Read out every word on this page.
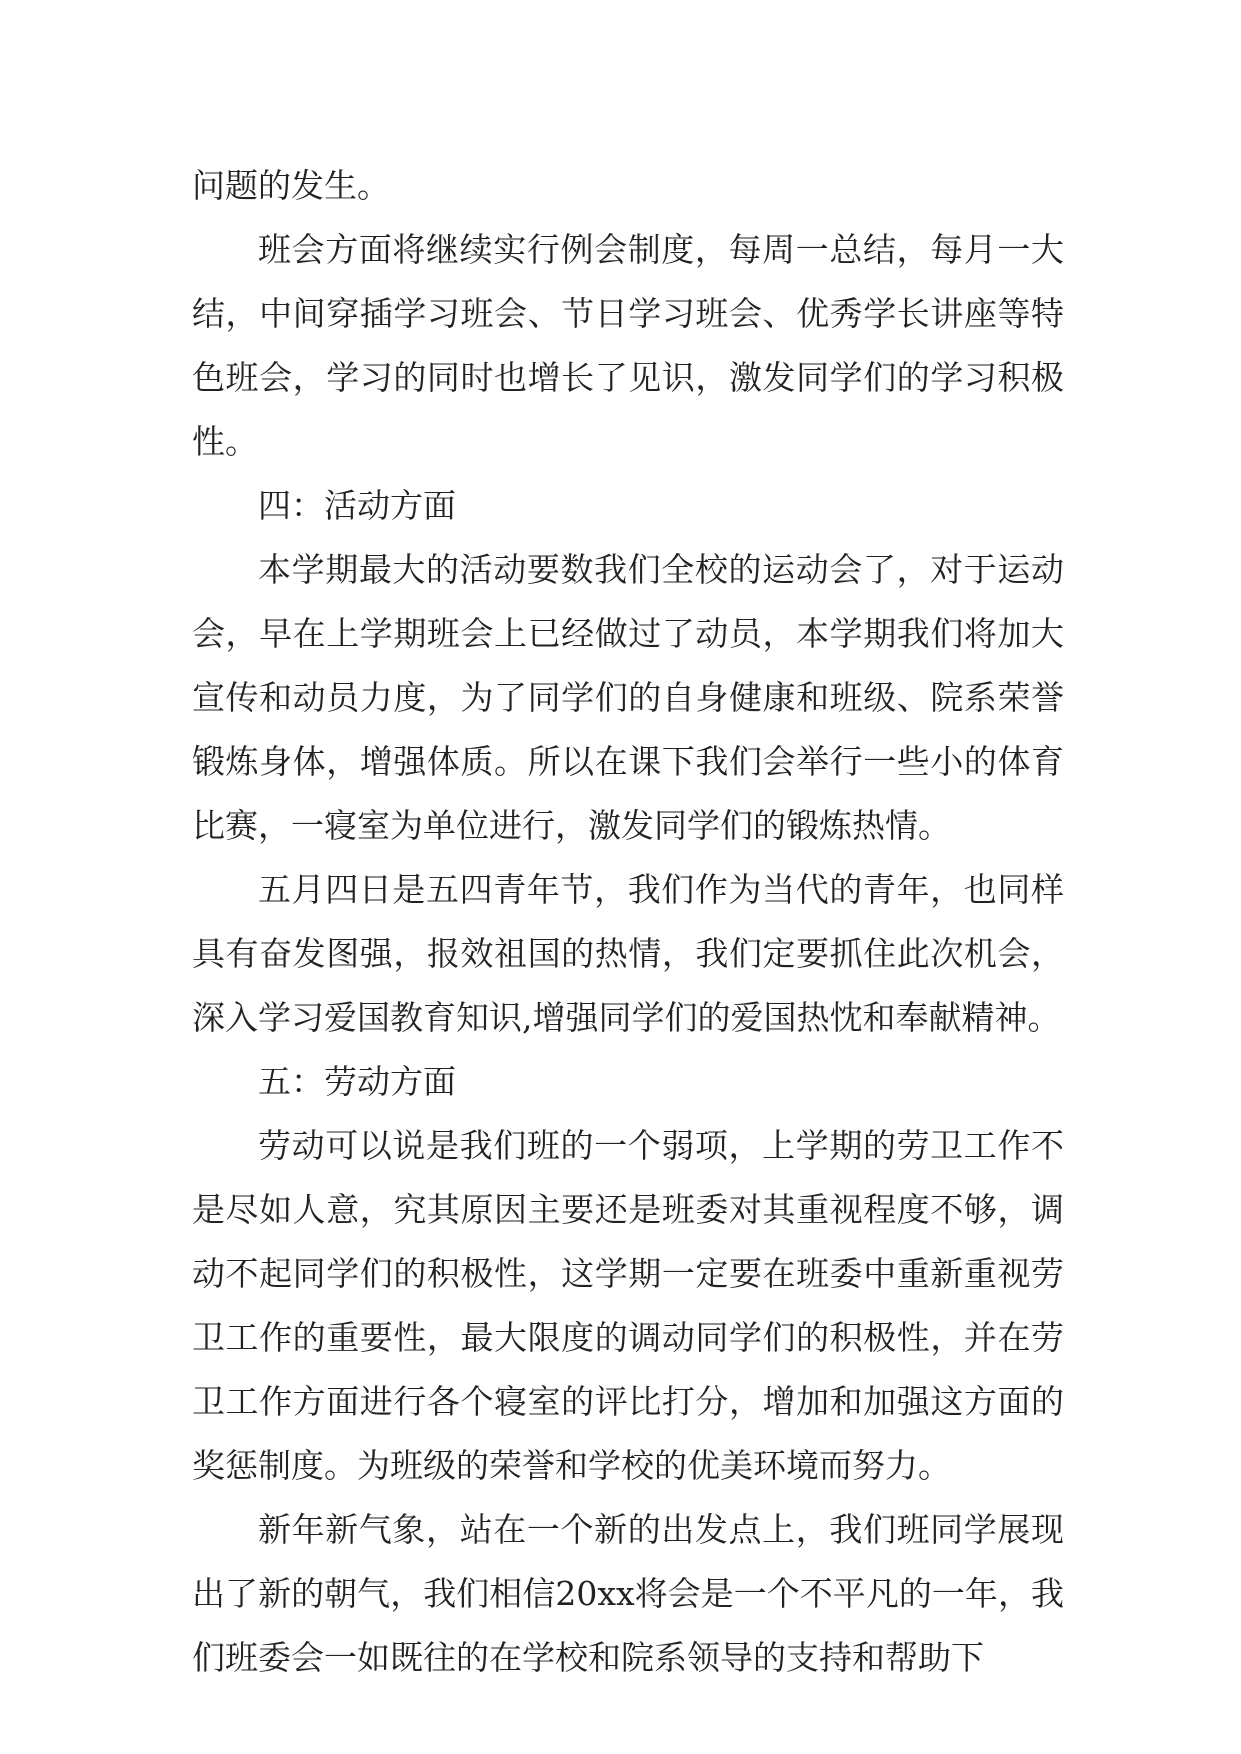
问题的发生。

班会方面将继续实行例会制度，每周一总结，每月一大结，中间穿插学习班会、节日学习班会、优秀学长讲座等特色班会，学习的同时也增长了见识，激发同学们的学习积极性。

四：活动方面

本学期最大的活动要数我们全校的运动会了，对于运动会，早在上学期班会上已经做过了动员，本学期我们将加大宣传和动员力度，为了同学们的自身健康和班级、院系荣誉锻炼身体，增强体质。所以在课下我们会举行一些小的体育比赛，一寝室为单位进行，激发同学们的锻炼热情。

五月四日是五四青年节，我们作为当代的青年，也同样具有奋发图强，报效祖国的热情，我们定要抓住此次机会，深入学习爱国教育知识,增强同学们的爱国热忱和奉献精神。

五：劳动方面

劳动可以说是我们班的一个弱项，上学期的劳卫工作不是尽如人意，究其原因主要还是班委对其重视程度不够，调动不起同学们的积极性，这学期一定要在班委中重新重视劳卫工作的重要性，最大限度的调动同学们的积极性，并在劳卫工作方面进行各个寝室的评比打分，增加和加强这方面的奖惩制度。为班级的荣誉和学校的优美环境而努力。

新年新气象，站在一个新的出发点上，我们班同学展现出了新的朝气，我们相信20xx将会是一个不平凡的一年，我们班委会一如既往的在学校和院系领导的支持和帮助下
